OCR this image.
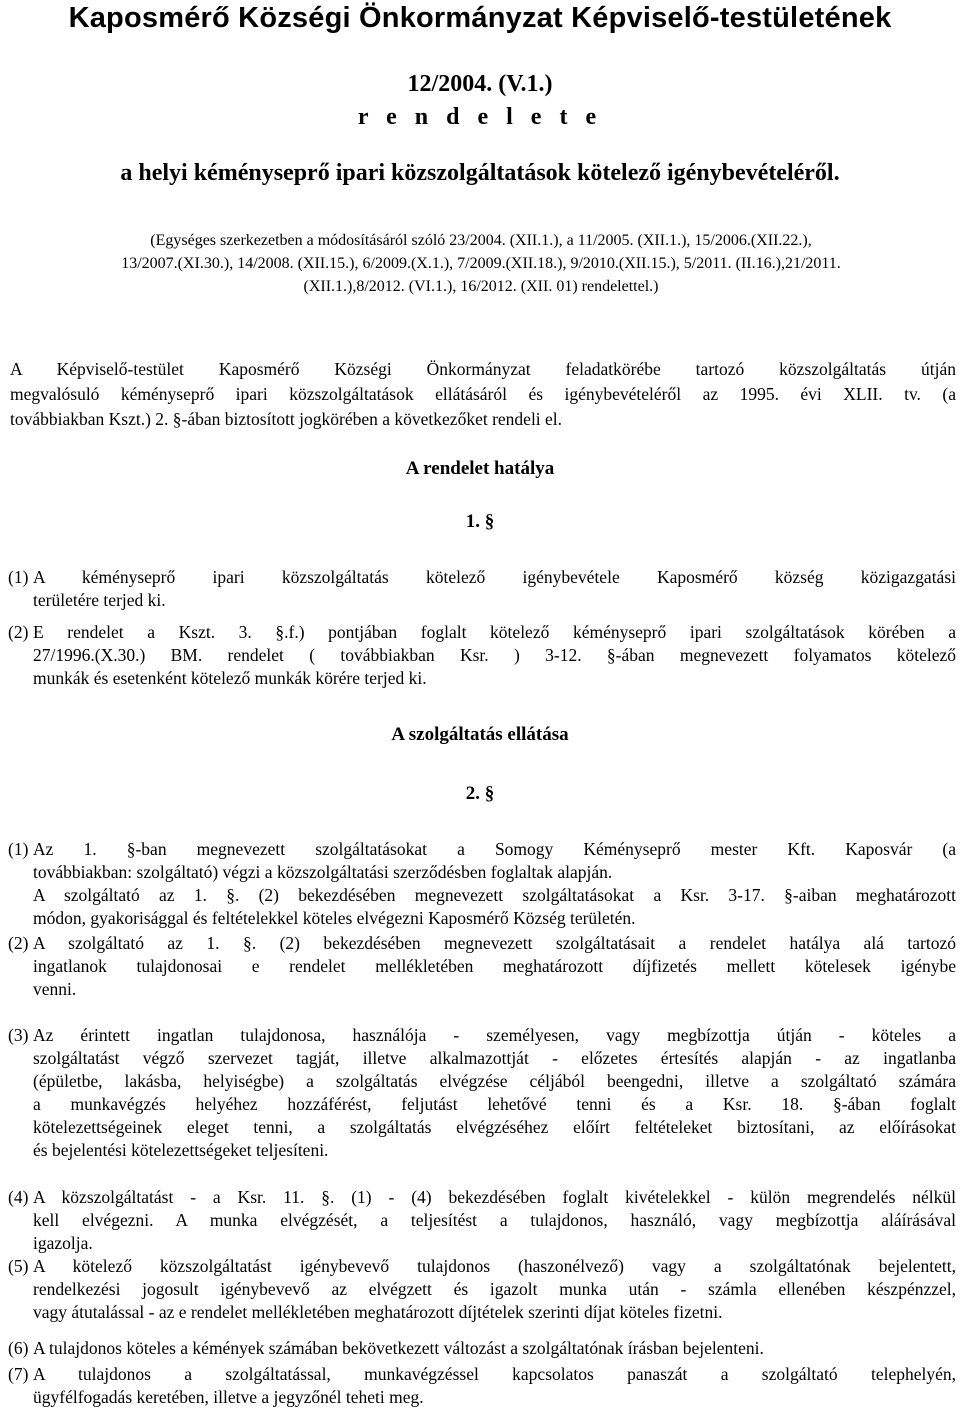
Kaposmérő Községi Önkormányzat Képviselő-testületének
12/2004. (V.1.)
r e n d e l e t e
a helyi kéményseprő ipari közszolgáltatások kötelező igénybevételéről.
(Egységes szerkezetben a módosításáról szóló 23/2004. (XII.1.), a 11/2005. (XII.1.), 15/2006.(XII.22.),
13/2007.(XI.30.), 14/2008. (XII.15.), 6/2009.(X.1.), 7/2009.(XII.18.), 9/2010.(XII.15.), 5/2011. (II.16.),21/2011.
(XII.1.),8/2012. (VI.1.), 16/2012. (XII. 01) rendelettel.)
A Képviselő-testület Kaposmérő Községi Önkormányzat feladatkörébe tartozó közszolgáltatás útján
megvalósuló kéményseprő ipari közszolgáltatások ellátásáról és igénybevételéről az 1995. évi XLII. tv. (a
továbbiakban Kszt.) 2. §-ában biztosított jogkörében a következőket rendeli el.
A rendelet hatálya
1. §
(1) A kéményseprő ipari közszolgáltatás kötelező igénybevétele Kaposmérő község közigazgatási
területére terjed ki.
(2) E rendelet a Kszt. 3. §.f.) pontjában foglalt kötelező kéményseprő ipari szolgáltatások körében a
27/1996.(X.30.) BM. rendelet ( továbbiakban Ksr. ) 3-12. §-ában megnevezett folyamatos kötelező
munkák és esetenként kötelező munkák körére terjed ki.
A szolgáltatás ellátása
2. §
(1) Az 1. §-ban megnevezett szolgáltatásokat a Somogy Kéményseprő mester Kft. Kaposvár (a
továbbiakban: szolgáltató) végzi a közszolgáltatási szerződésben foglaltak alapján.
A szolgáltató az 1. §. (2) bekezdésében megnevezett szolgáltatásokat a Ksr. 3-17. §-aiban meghatározott
módon, gyakorisággal és feltételekkel köteles elvégezni Kaposmérő Község területén.
(2) A szolgáltató az 1. §. (2) bekezdésében megnevezett szolgáltatásait a rendelet hatálya alá tartozó
ingatlanok tulajdonosai e rendelet mellékletében meghatározott díjfizetés mellett kötelesek igénybe
venni.
(3) Az érintett ingatlan tulajdonosa, használója - személyesen, vagy megbízottja útján - köteles a
szolgáltatást végző szervezet tagját, illetve alkalmazottját - előzetes értesítés alapján - az ingatlanba
(épületbe, lakásba, helyiségbe) a szolgáltatás elvégzése céljából beengedni, illetve a szolgáltató számára
a munkavégzés helyéhez hozzáférést, feljutást lehetővé tenni és a Ksr. 18. §-ában foglalt
kötelezettségeinek eleget tenni, a szolgáltatás elvégzéséhez előírt feltételeket biztosítani, az előírásokat
és bejelentési kötelezettségeket teljesíteni.
(4) A közszolgáltatást - a Ksr. 11. §. (1) - (4) bekezdésében foglalt kivételekkel - külön megrendelés nélkül
kell elvégezni. A munka elvégzését, a teljesítést a tulajdonos, használó, vagy megbízottja aláírásával
igazolja.
(5) A kötelező közszolgáltatást igénybevevő tulajdonos (haszonélvező) vagy a szolgáltatónak bejelentett,
rendelkezési jogosult igénybevevő az elvégzett és igazolt munka után - számla ellenében készpénzzel,
vagy átutalással - az e rendelet mellékletében meghatározott díjtételek szerinti díjat köteles fizetni.
(6) A tulajdonos köteles a kémények számában bekövetkezett változást a szolgáltatónak írásban bejelenteni.
(7) A tulajdonos a szolgáltatással, munkavégzéssel kapcsolatos panaszát a szolgáltató telephelyén,
ügyfélfogadás keretében, illetve a jegyzőnél teheti meg.
